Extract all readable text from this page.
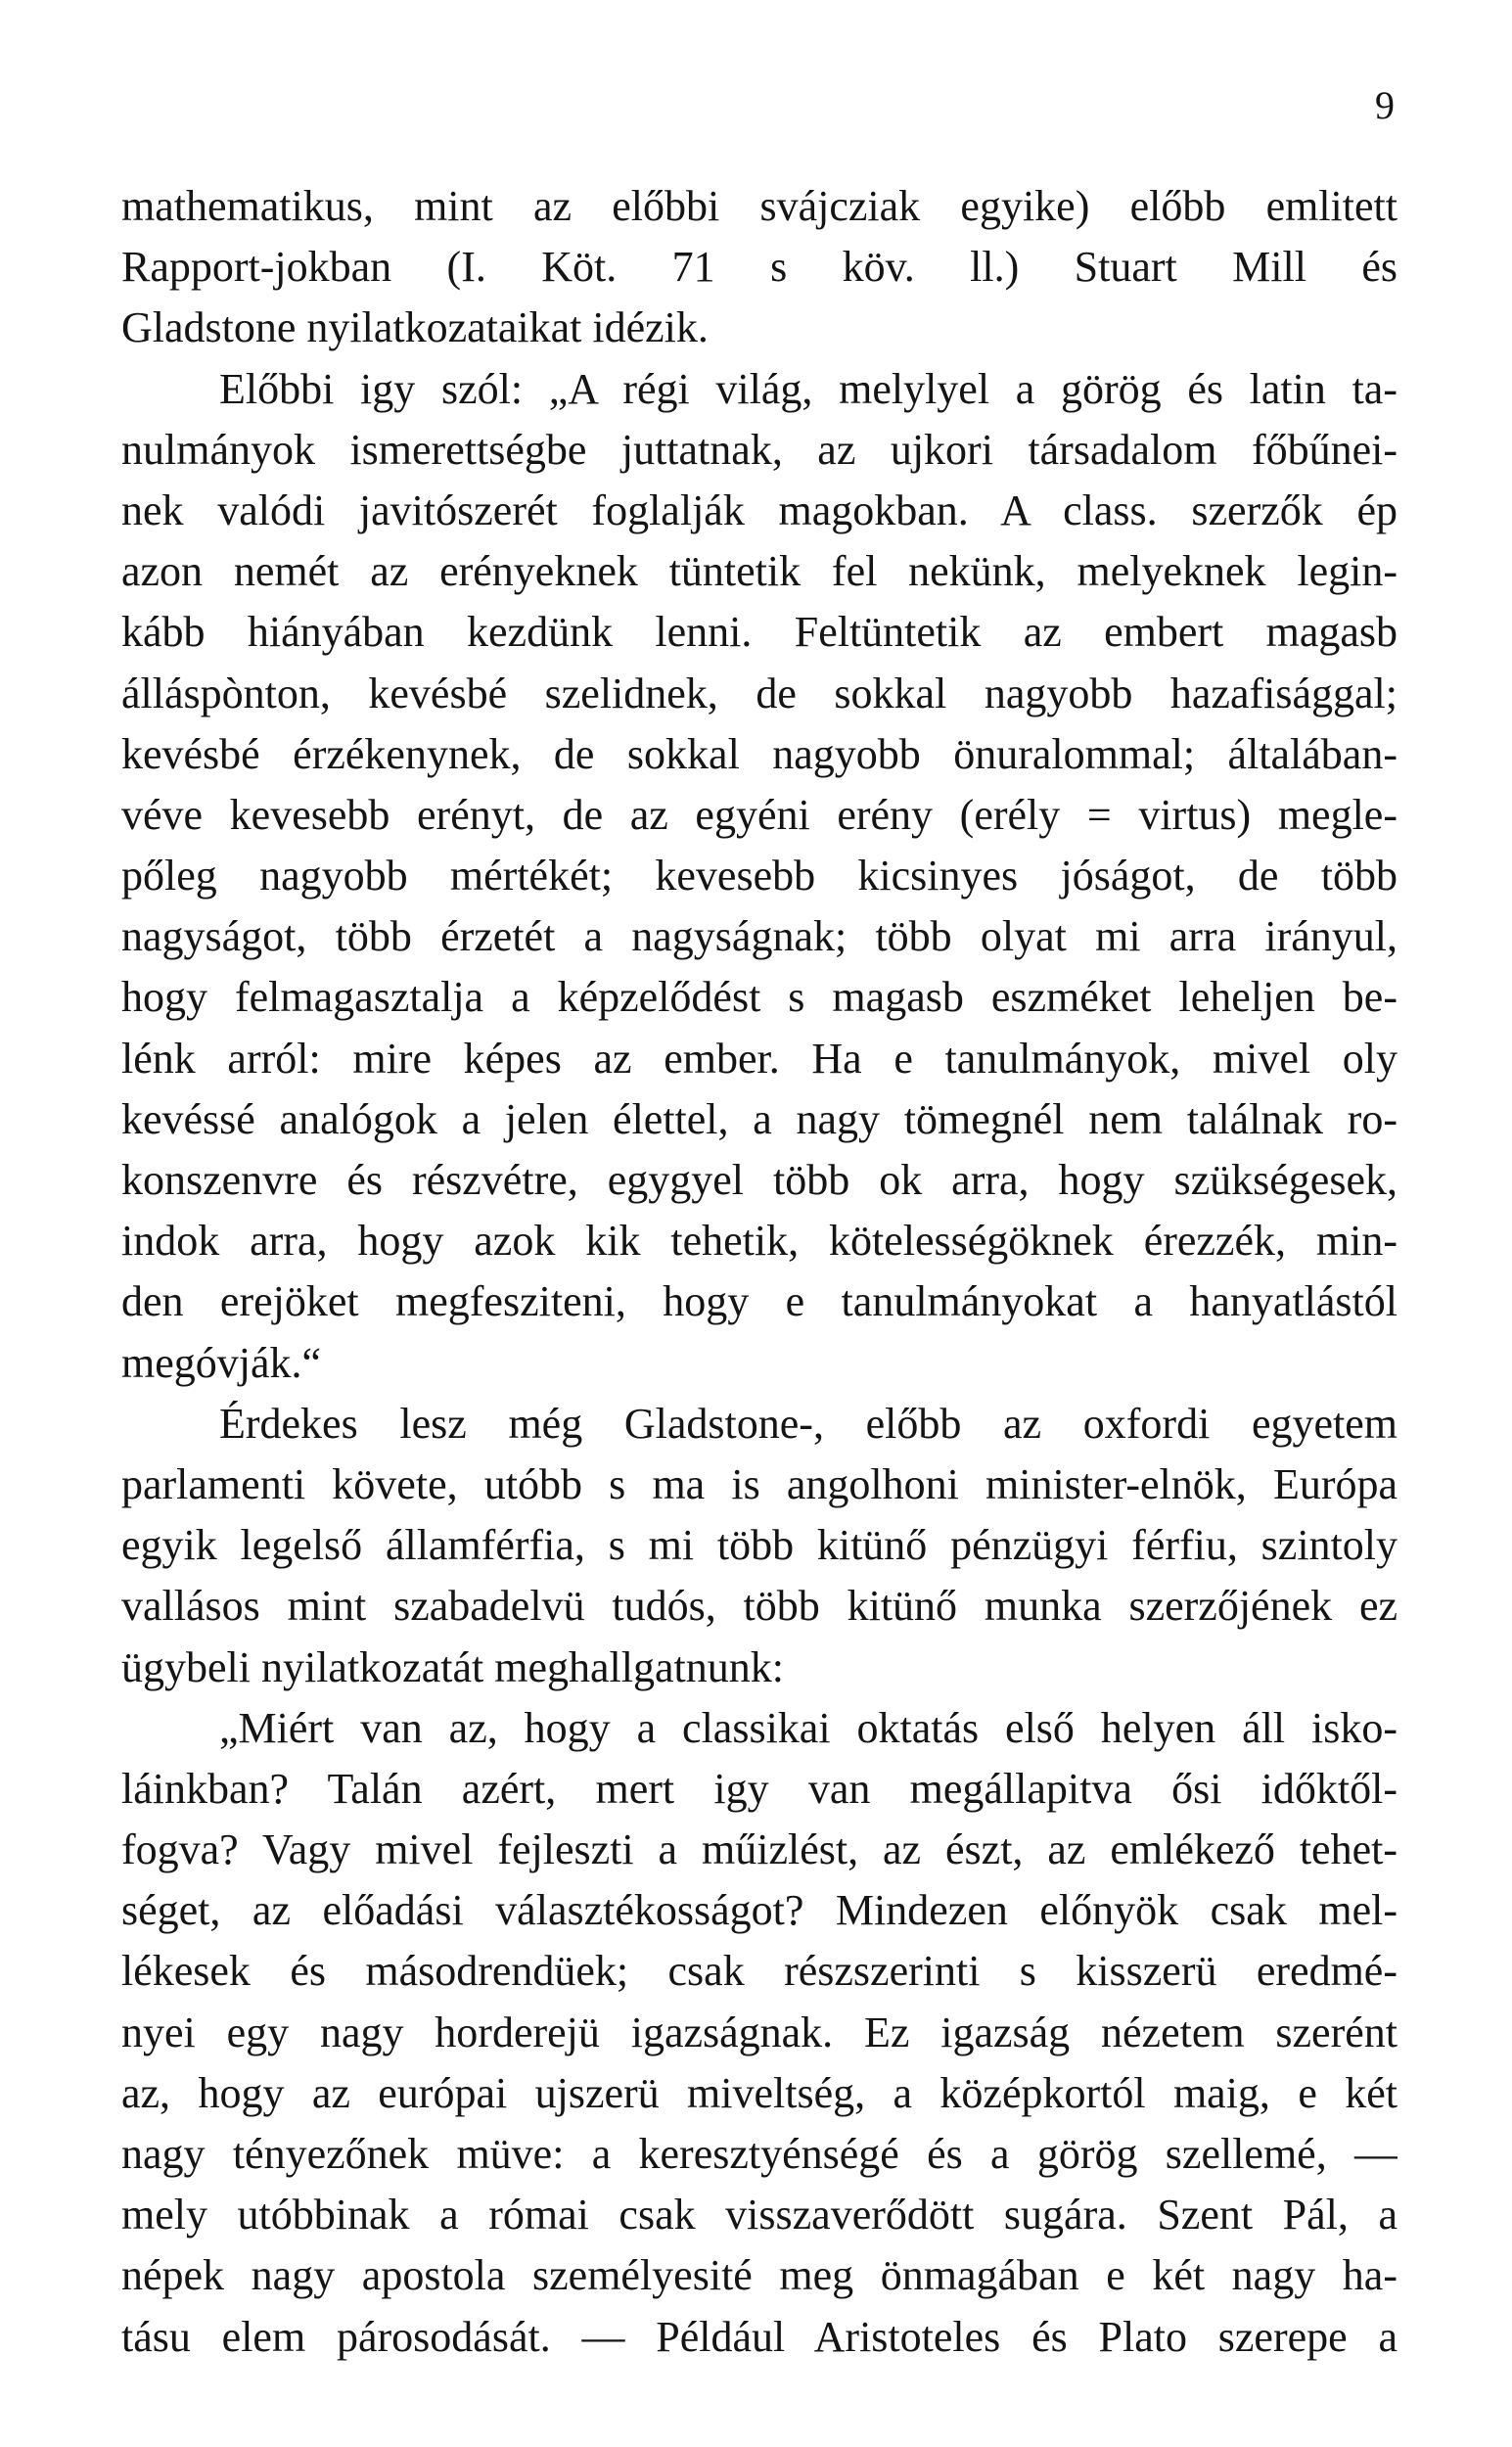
9
mathematikus, mint az előbbi svájcziak egyike) előbb emlitett
Rapport-jokban (I. Köt. 71 s köv. ll.) Stuart Mill és
Gladstone nyilatkozataikat idézik.
Előbbi igy szól: „A régi világ, melylyel a görög és latin ta-
nulmányok ismerettségbe juttatnak, az ujkori társadalom főbűnei-
nek valódi javitószerét foglalják magokban. A class. szerzők ép
azon nemét az erényeknek tüntetik fel nekünk, melyeknek legin-
kább hiányában kezdünk lenni. Feltüntetik az embert magasb
álláspònton, kevésbé szelidnek, de sokkal nagyobb hazafisággal;
kevésbé érzékenynek, de sokkal nagyobb önuralommal; általában-
véve kevesebb erényt, de az egyéni erény (erély = virtus) meglе-
pőleg nagyobb mértékét; kevesebb kicsinyes jóságot, de több
nagyságot, több érzetét a nagyságnak; több olyat mi arra irányul,
hogy felmagasztalja a képzelődést s magasb eszméket leheljen be-
lénk arról: mire képes az ember. Ha e tanulmányok, mivel oly
kevéssé analógok a jelen élettel, a nagy tömegnél nem találnak ro-
konszenvre és részvétre, egygyel több ok arra, hogy szükségesek,
indok arra, hogy azok kik tehetik, kötelességöknek érezzék, min-
den erejöket megfesziteni, hogy e tanulmányokat a hanyatlástól
megóvják.“
Érdekes lesz még Gladstone-, előbb az oxfordi egyetem
parlamenti követe, utóbb s ma is angolhoni minister-elnök, Európa
egyik legelső államférfia, s mi több kitünő pénzügyi férfiu, szintoly
vallásos mint szabadelvü tudós, több kitünő munka szerzőjének ez
ügybeli nyilatkozatát meghallgatnunk:
„Miért van az, hogy a classikai oktatás első helyen áll isko-
láinkban? Talán azért, mert igy van megállapitva ősi időktől-
fogva? Vagy mivel fejleszti a műizlést, az észt, az emlékező tehet-
séget, az előadási választékosságot? Mindezen előnyök csak mel-
lékesek és másodrendüek; csak részszerinti s kisszerü eredmé-
nyei egy nagy horderejü igazságnak. Ez igazság nézetem szerént
az, hogy az európai ujszerü miveltség, a középkortól maig, e két
nagy tényezőnek müve: a keresztyénségé és a görög szellemé, —
mely utóbbinak a római csak visszaverődött sugára. Szent Pál, a
népek nagy apostola személyesité meg önmagában e két nagy ha-
tásu elem párosodását. — Például Aristoteles és Plato szerepe a
